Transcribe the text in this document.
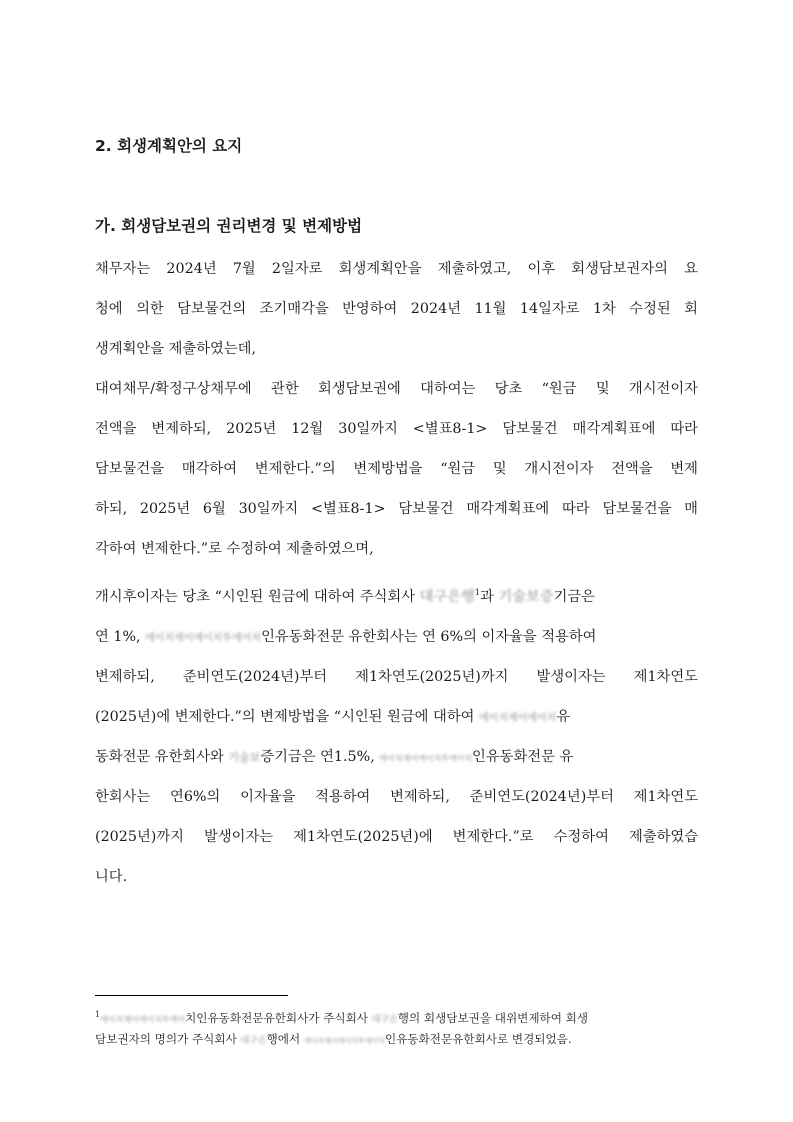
2. 회생계획안의 요지
가. 회생담보권의 권리변경 및 변제방법
채무자는 2024년 7월 2일자로 회생계획안을 제출하였고, 이후 회생담보권자의 요
청에 의한 담보물건의 조기매각을 반영하여 2024년 11월 14일자로 1차 수정된 회
생계획안을 제출하였는데,
대여채무/확정구상채무에 관한 회생담보권에 대하여는 당초 “원금 및 개시전이자
전액을 변제하되, 2025년 12월 30일까지 <별표8-1> 담보물건 매각계획표에 따라
담보물건을 매각하여 변제한다.”의 변제방법을 “원금 및 개시전이자 전액을 변제
하되, 2025년 6월 30일까지 <별표8-1> 담보물건 매각계획표에 따라 담보물건을 매
각하여 변제한다.”로 수정하여 제출하였으며,
개시후이자는 당초 “시인된 원금에 대하여 주식회사 대구은행$^1$과 기술보증기금은
연 1%, 에이치제이에이치투에이치인유동화전문 유한회사는 연 6%의 이자율을 적용하여
변제하되, 준비연도(2024년)부터 제1차연도(2025년)까지 발생이자는 제1차연도
(2025년)에 변제한다.”의 변제방법을 “시인된 원금에 대하여 에이치제이에이치유
동화전문 유한회사와 기술보증기금은 연1.5%, 에이치제이에이치투에이치인유동화전문 유
한회사는 연6%의 이자율을 적용하여 변제하되, 준비연도(2024년)부터 제1차연도
(2025년)까지 발생이자는 제1차연도(2025년)에 변제한다.”로 수정하여 제출하였습
니다.
$^1$에이치제이에이치투에이치인유동화전문유한회사가 주식회사 대구은행의 회생담보권을 대위변제하여 회생
담보권자의 명의가 주식회사 대구은행에서 에이치제이에이치투에이치인유동화전문유한회사로 변경되었음.
